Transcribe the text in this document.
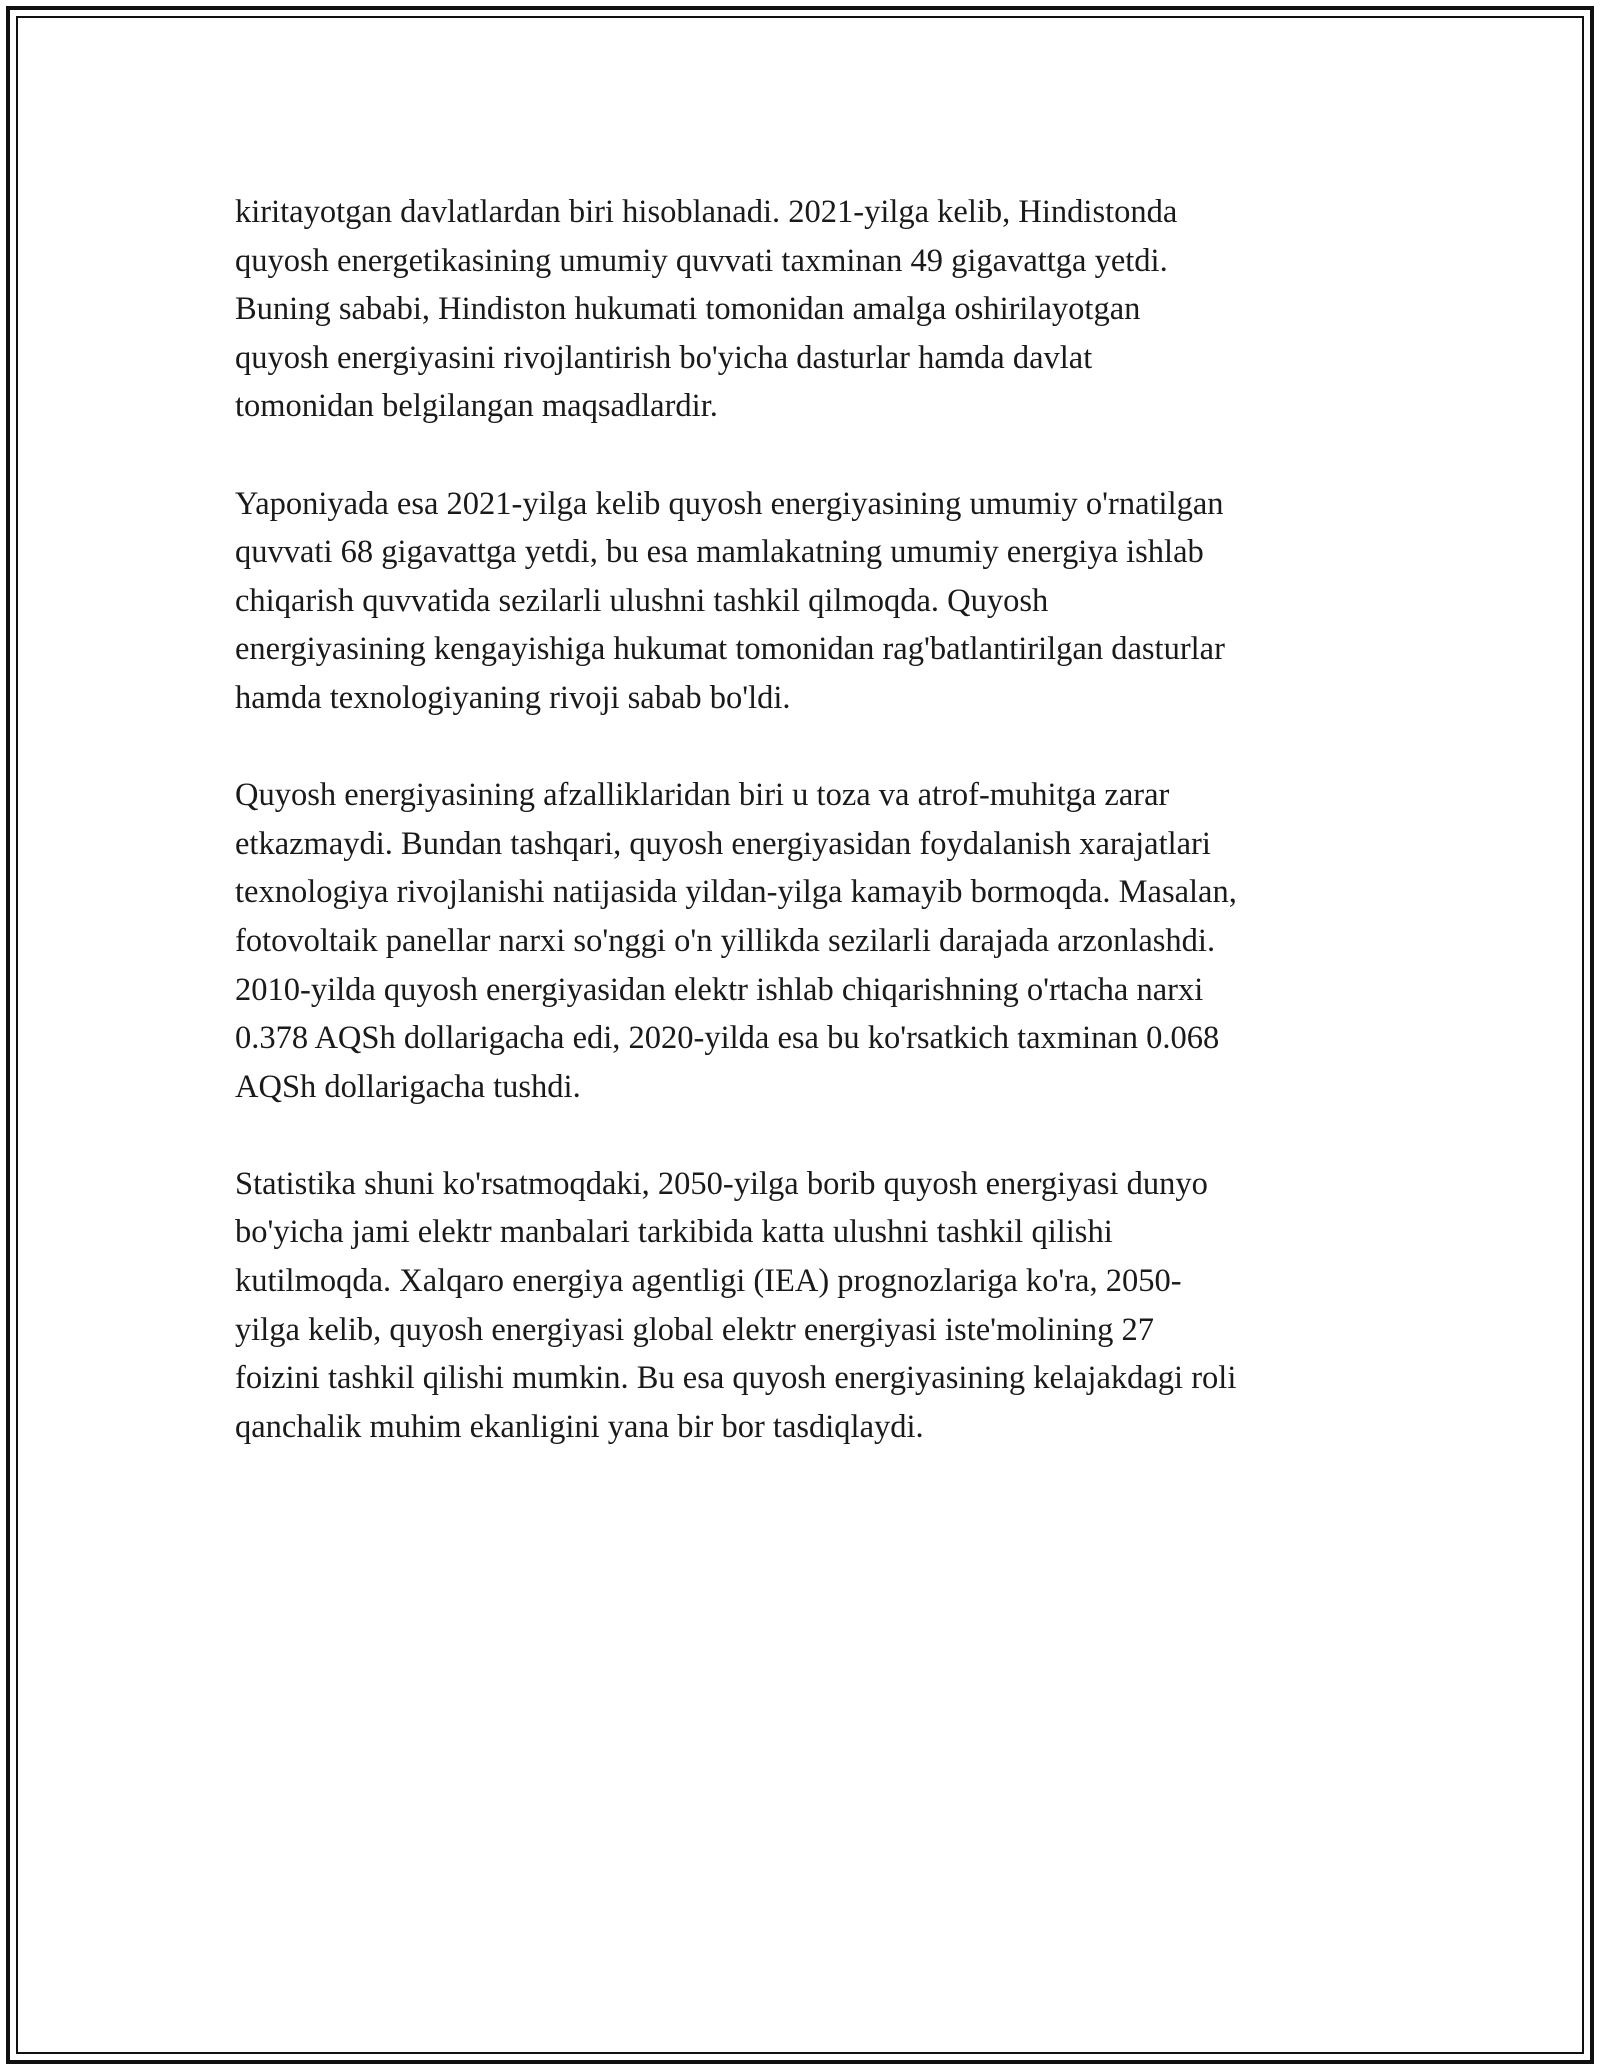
kiritayotgan davlatlardan biri hisoblanadi. 2021-yilga kelib, Hindistonda
quyosh energetikasining umumiy quvvati taxminan 49 gigavattga yetdi.
Buning sababi, Hindiston hukumati tomonidan amalga oshirilayotgan
quyosh energiyasini rivojlantirish bo'yicha dasturlar hamda davlat
tomonidan belgilangan maqsadlardir.

Yaponiyada esa 2021-yilga kelib quyosh energiyasining umumiy o'rnatilgan
quvvati 68 gigavattga yetdi, bu esa mamlakatning umumiy energiya ishlab
chiqarish quvvatida sezilarli ulushni tashkil qilmoqda. Quyosh
energiyasining kengayishiga hukumat tomonidan rag'batlantirilgan dasturlar
hamda texnologiyaning rivoji sabab bo'ldi.

Quyosh energiyasining afzalliklaridan biri u toza va atrof-muhitga zarar
etkazmaydi. Bundan tashqari, quyosh energiyasidan foydalanish xarajatlari
texnologiya rivojlanishi natijasida yildan-yilga kamayib bormoqda. Masalan,
fotovoltaik panellar narxi so'nggi o'n yillikda sezilarli darajada arzonlashdi.
2010-yilda quyosh energiyasidan elektr ishlab chiqarishning o'rtacha narxi
0.378 AQSh dollarigacha edi, 2020-yilda esa bu ko'rsatkich taxminan 0.068
AQSh dollarigacha tushdi.

Statistika shuni ko'rsatmoqdaki, 2050-yilga borib quyosh energiyasi dunyo
bo'yicha jami elektr manbalari tarkibida katta ulushni tashkil qilishi
kutilmoqda. Xalqaro energiya agentligi (IEA) prognozlariga ko'ra, 2050-
yilga kelib, quyosh energiyasi global elektr energiyasi iste'molining 27
foizini tashkil qilishi mumkin. Bu esa quyosh energiyasining kelajakdagi roli
qanchalik muhim ekanligini yana bir bor tasdiqlaydi.
